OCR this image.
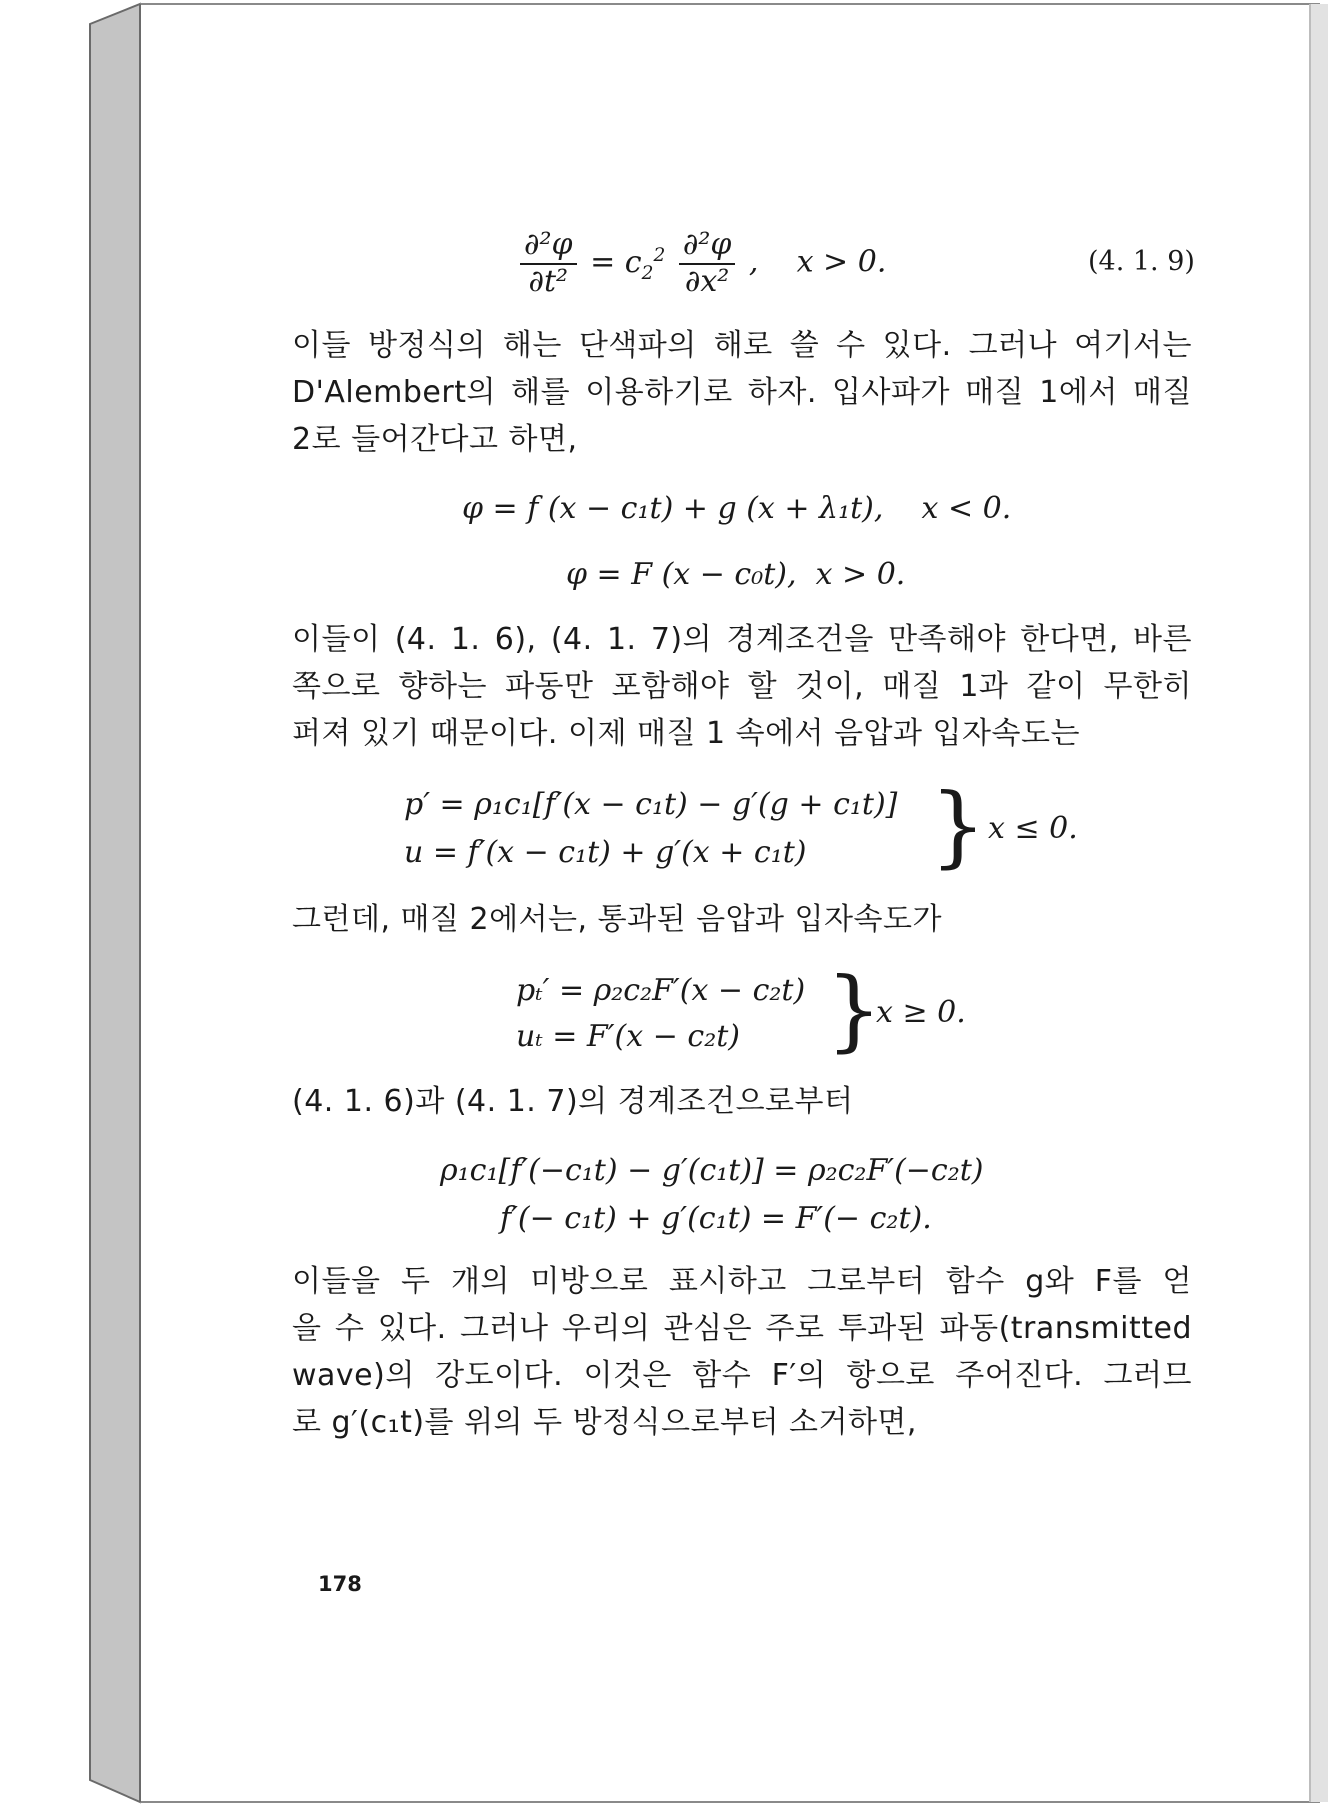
$\frac{\text{∂²φ}}{\text{∂t²}} = c_2^2 \frac{\text{∂²φ}}{\text{∂x²}}$ ,    x > 0.	(4. 1. 9)
이들 방정식의 해는 단색파의 해로 쓸 수 있다. 그러나 여기서는
D'Alembert의 해를 이용하기로 하자. 입사파가 매질 1에서 매질
2로 들어간다고 하면,
φ = f (x − c₁t) + g (x + λ₁t),    x < 0.
φ = F (x − c₀t),  x > 0.
이들이 (4. 1. 6), (4. 1. 7)의 경계조건을 만족해야 한다면, 바른
쪽으로 향하는 파동만 포함해야 할 것이, 매질 1과 같이 무한히
퍼져 있기 때문이다. 이제 매질 1 속에서 음압과 입자속도는
p′ = ρ₁c₁[f′(x − c₁t) − g′(g + c₁t)]
u = f′(x − c₁t) + g′(x + c₁t) } x ≤ 0.
그런데, 매질 2에서는, 통과된 음압과 입자속도가
pₜ′ = ρ₂c₂F′(x − c₂t)
uₜ = F′(x − c₂t) }
x ≥ 0.
(4. 1. 6)과 (4. 1. 7)의 경계조건으로부터
ρ₁c₁[f′(−c₁t) − g′(c₁t)] = ρ₂c₂F′(−c₂t)
f′(− c₁t) + g′(c₁t) = F′(− c₂t).
이들을 두 개의 미방으로 표시하고 그로부터 함수 g와 F를 얻
을 수 있다. 그러나 우리의 관심은 주로 투과된 파동(transmitted
wave)의 강도이다. 이것은 함수 F′의 항으로 주어진다. 그러므
로 g′(c₁t)를 위의 두 방정식으로부터 소거하면,
178
